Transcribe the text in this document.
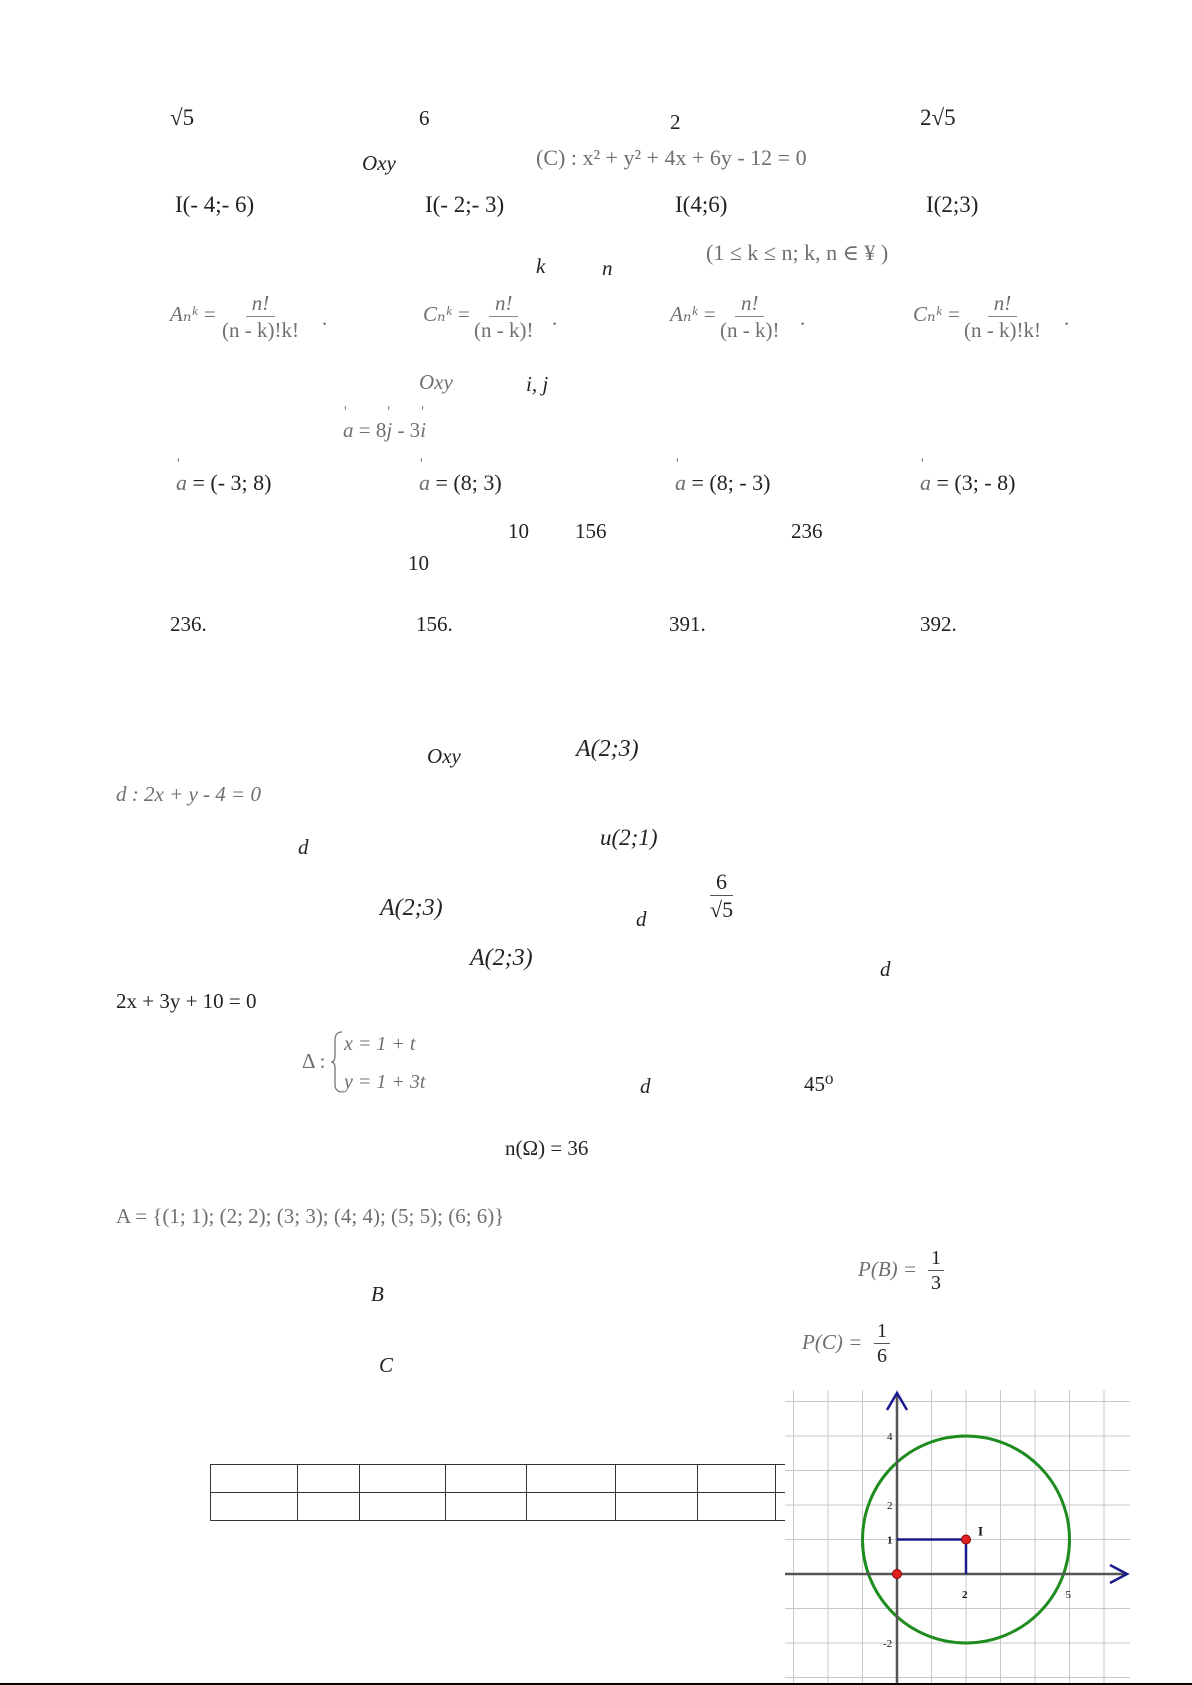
√5	6	2	2√5
Oxy	(C) : x² + y² + 4x + 6y - 12 = 0
I(- 4;- 6)	I(- 2;- 3)	I(4;6)	I(2;3)
k	n
(1 ≤ k ≤ n; k, n ∈ ¥ )
Aₙᵏ = $\frac{n!}{(n - k)!k!}$ .	Cₙᵏ = $\frac{n!}{(n - k)!}$ .	Aₙᵏ = $\frac{n!}{(n - k)!}$ .	Cₙᵏ = $\frac{n!}{(n - k)!k!}$ .
Oxy	i, j
' a = 8' j - 3' i
' a = (- 3; 8)	' a = (8; 3)	' a = (8; - 3)	' a = (3; - 8)
10 156	236
10
236.	156.	391.	392.
Oxy	A(2;3)
d : 2x + y - 4 = 0
d	u(2;1)
A(2;3)	d	$\frac{6}{√5}$
A(2;3)	d
2x + 3y + 10 = 0
Δ :
x = 1 + t
y = 1 + 3t	d	45⁰
n(Ω) = 36
A = {(1; 1); (2; 2); (3; 3); (4; 4); (5; 5); (6; 6)}
B
$P(B) = \frac{1}{3}$
C
$P(C) = \frac{1}{6}$

4
2
1
-2
2	5
I
